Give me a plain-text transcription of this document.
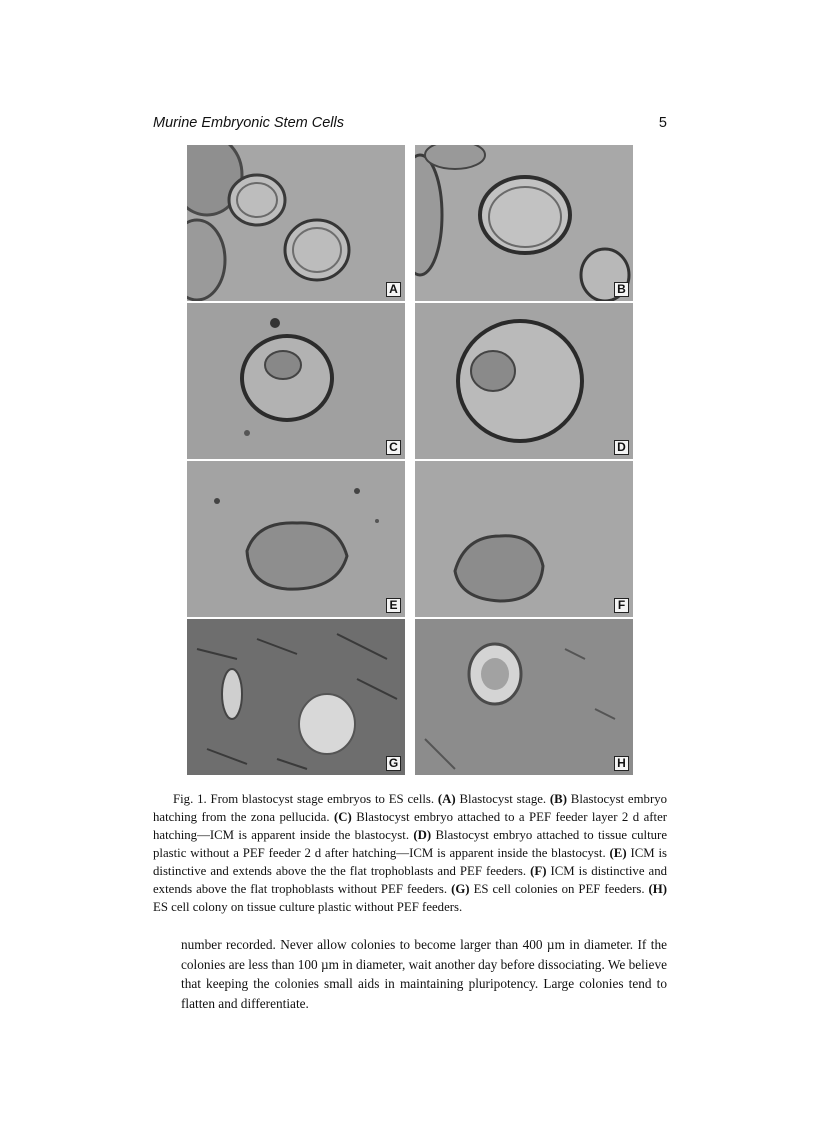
Murine Embryonic Stem Cells	5
A	B
C	D
E	F
G	H
Fig. 1. From blastocyst stage embryos to ES cells. (A) Blastocyst stage. (B) Blastocyst embryo hatching from the zona pellucida. (C) Blastocyst embryo attached to a PEF feeder layer 2 d after hatching—ICM is apparent inside the blastocyst. (D) Blastocyst embryo attached to tissue culture plastic without a PEF feeder 2 d after hatching—ICM is apparent inside the blastocyst. (E) ICM is distinctive and extends above the the flat trophoblasts and PEF feeders. (F) ICM is distinctive and extends above the flat trophoblasts without PEF feeders. (G) ES cell colonies on PEF feeders. (H) ES cell colony on tissue culture plastic without PEF feeders.
number recorded. Never allow colonies to become larger than 400 µm in diameter. If the colonies are less than 100 µm in diameter, wait another day before dissociating. We believe that keeping the colonies small aids in maintaining pluripotency. Large colonies tend to flatten and differentiate.
